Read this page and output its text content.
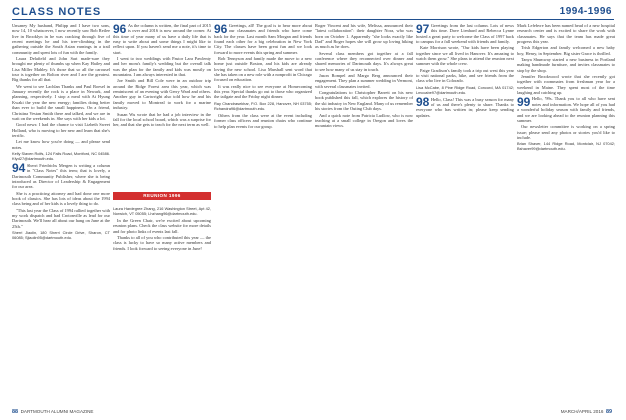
CLASS NOTES	1994-1996

Unsaney My husband, Philipp and I have two sons, now 14, 10 whatsoever, I now recently saw Bob Reilee live in Brooklyn in he was cracking through five of recent meetings he and his tree-climbing in the gathering outside the South Asian earnings in a trail community and spent lots of fun with the family.

Laura Delafield and John Sari made-sure they brought me plenty of thumbs up when Kay Hailey and Lisa Miller Mahley. It's those that so all the carousel tour is together on Bolton river and I are the greatest. Big thanks for all that.

We went to see Lachlan Thanks and Paul Boesel in January recently the rock is a place in Newark, and planning, respectively. I stop a meal with At Hyung Kwaki the year the new energy; families doing better than ever to build the small happiness. On a friend, Christina Vestan Smith there and talked, and we are in wait on the weekends in. She says with her kids a lot.

Good news: I had the chance to visit Lizbeth Sweet Holland, who is moving to her new and learn that she's terrific.

Let me know how you're doing — and please send notes.

Kelly Slaven Rolfs, 124 Falls Road, Montford, NC 04586. Kfyd27@dartmouth.edu.

94 Sherri Friedrichs Mergen is writing a column in "Class Notes" this term; that is lovely, a Dartmouth Community Publisher, where she is being introduced as Director of Leadership & Engagement for our area.

She is a practicing attorney and had done one more book of classics. She has lots of ideas about the 1994 class being and of her kids is a lovely thing to do.

"This last year the Class of 1994 rallied together with my work dispatch and had Crotonville as lead for our Dartmouth. We'll hear all about our hang on June at the 25th."

Sherri Jiaolin, 180 Sherri Circle Drive, Sharon, CT 06085; Sjiaolin95@dartmouth.edu.

96 As the column is written, the final part of 2015 is over and 2016 is now around the corner. At this time of year many of us have a daily life that is easy to write about and some things I might like to reflect upon. If you haven't send me a note, it's time to start.

I went to two weddings with Pastor Lara Pawlenty and her mom's family's wedding but the overall talk was the plan for the family and kids was mostly on mountains. I am always interested in that.

Joe Smith and Bill Cole were in an outdoor trip around the Ridge Forest area this year, which was reminiscent of an evening with Gerry Ward and others. Another guy in Cartwright also told how he and his family moved to Montreal to work for a marine industry.

Susan Wu wrote that he had a job interview in the fall for the local school board, which was a surprise for her, and that she gets to teach for the next term as well.

REUNION 1996
Laura Hardegree Zhang, 216 Washington Street, Apt 42, Norwich, VT 05055; Lhzhang96@dartmouth.edu.

In the Green Chair, we're excited about upcoming reunion plans. Check the class website for more details and for photo links of events last fall.

Thanks to all of you who contributed this year — the class is lucky to have so many active members and friends. I look forward to seeing everyone in June!

96 Greetings, all! The goal is to hear more about our classmates and friends who have come back for the year. Last month Sam Morgan and friends found each other for a big celebration in New York City. The classes have been great fun and we look forward to more events this spring and summer.

Rob Tennyson and family made the move to a new home just outside Boston, and his kids are already loving the new school. Lisa Marshall sent word that she has taken on a new role with a nonprofit in Chicago focused on education.

It was really nice to see everyone at Homecoming this year. Special thanks go out to those who organized the tailgate and the Friday night dinner.

Ray Chandrasekhar, P.O. Box 228, Hanover, NH 03755; Rchandra96@dartmouth.edu.

Others from the class were at the event including former class officers and reunion chairs who continue to help plan events for our group.

Roger Vincent and his wife, Melissa, announced their "latest collaboration": their daughter Nora, who was born on October 1. Apparently "she looks exactly like Dad" and Roger hopes she will grow up loving hiking as much as he does.

Several class members got together at a fall conference where they reconnected over dinner and shared memories of Dartmouth days. It's always great to see how many of us stay in touch.

Jason Rompel and Margo Berg announced their engagement. They plan a summer wedding in Vermont, with several classmates invited.

Congratulations to Christopher Barrett on his new book published this fall, which explores the history of the ski industry in New England. Many of us remember his stories from the Outing Club days.

And a quick note from Patricia Ludlow, who is now teaching at a small college in Oregon and loves the mountain views.

97 Greetings from the last column. Lots of news this time. Dave Lienhard and Rebecca Lynne hosted a great party to welcome the Class of 1997 back to campus for a fall weekend with friends and family.

Kate Morrison wrote, "Our kids have been playing together since we all lived in Hanover. It's amazing to watch them grow." She plans to attend the reunion next summer with the whole crew.

Paige Gradison's family took a trip out west this year to visit national parks, hike, and see friends from the class who live in Colorado.

Lisa McCabe, 8 Pine Ridge Road, Concord, MA 01742; Lmccabe97@dartmouth.edu.

98 Hello, Class! This was a busy season for many of us and there's plenty to share. Thanks to everyone who has written in; please keep sending updates.

Mark Lefebvre has been named head of a new hospital research center and is excited to share the work with classmates. He says that the team has made great progress this year.

Trish Edgerton and family welcomed a new baby boy, Henry, in September. Big sister Grace is thrilled.

Tanya Shumway started a new business in Portland making handmade furniture, and invites classmates to stop by the shop.

Jennifer Brookwood wrote that she recently got together with roommates from freshman year for a weekend in Maine. They spent most of the time laughing and catching up.

99 Hello, '99s. Thank you to all who have sent notes and information. We hope all of you had a wonderful holiday season with family and friends, and we are looking ahead to the reunion planning this summer.

Our newsletter committee is working on a spring issue; please send any photos or stories you'd like to include.

Brian Shaver, 144 Ridge Road, Montclair, NJ 07042; Bshaver99@dartmouth.edu.
88 DARTMOUTH ALUMNI MAGAZINE	MARCH/APRIL 2016 89
